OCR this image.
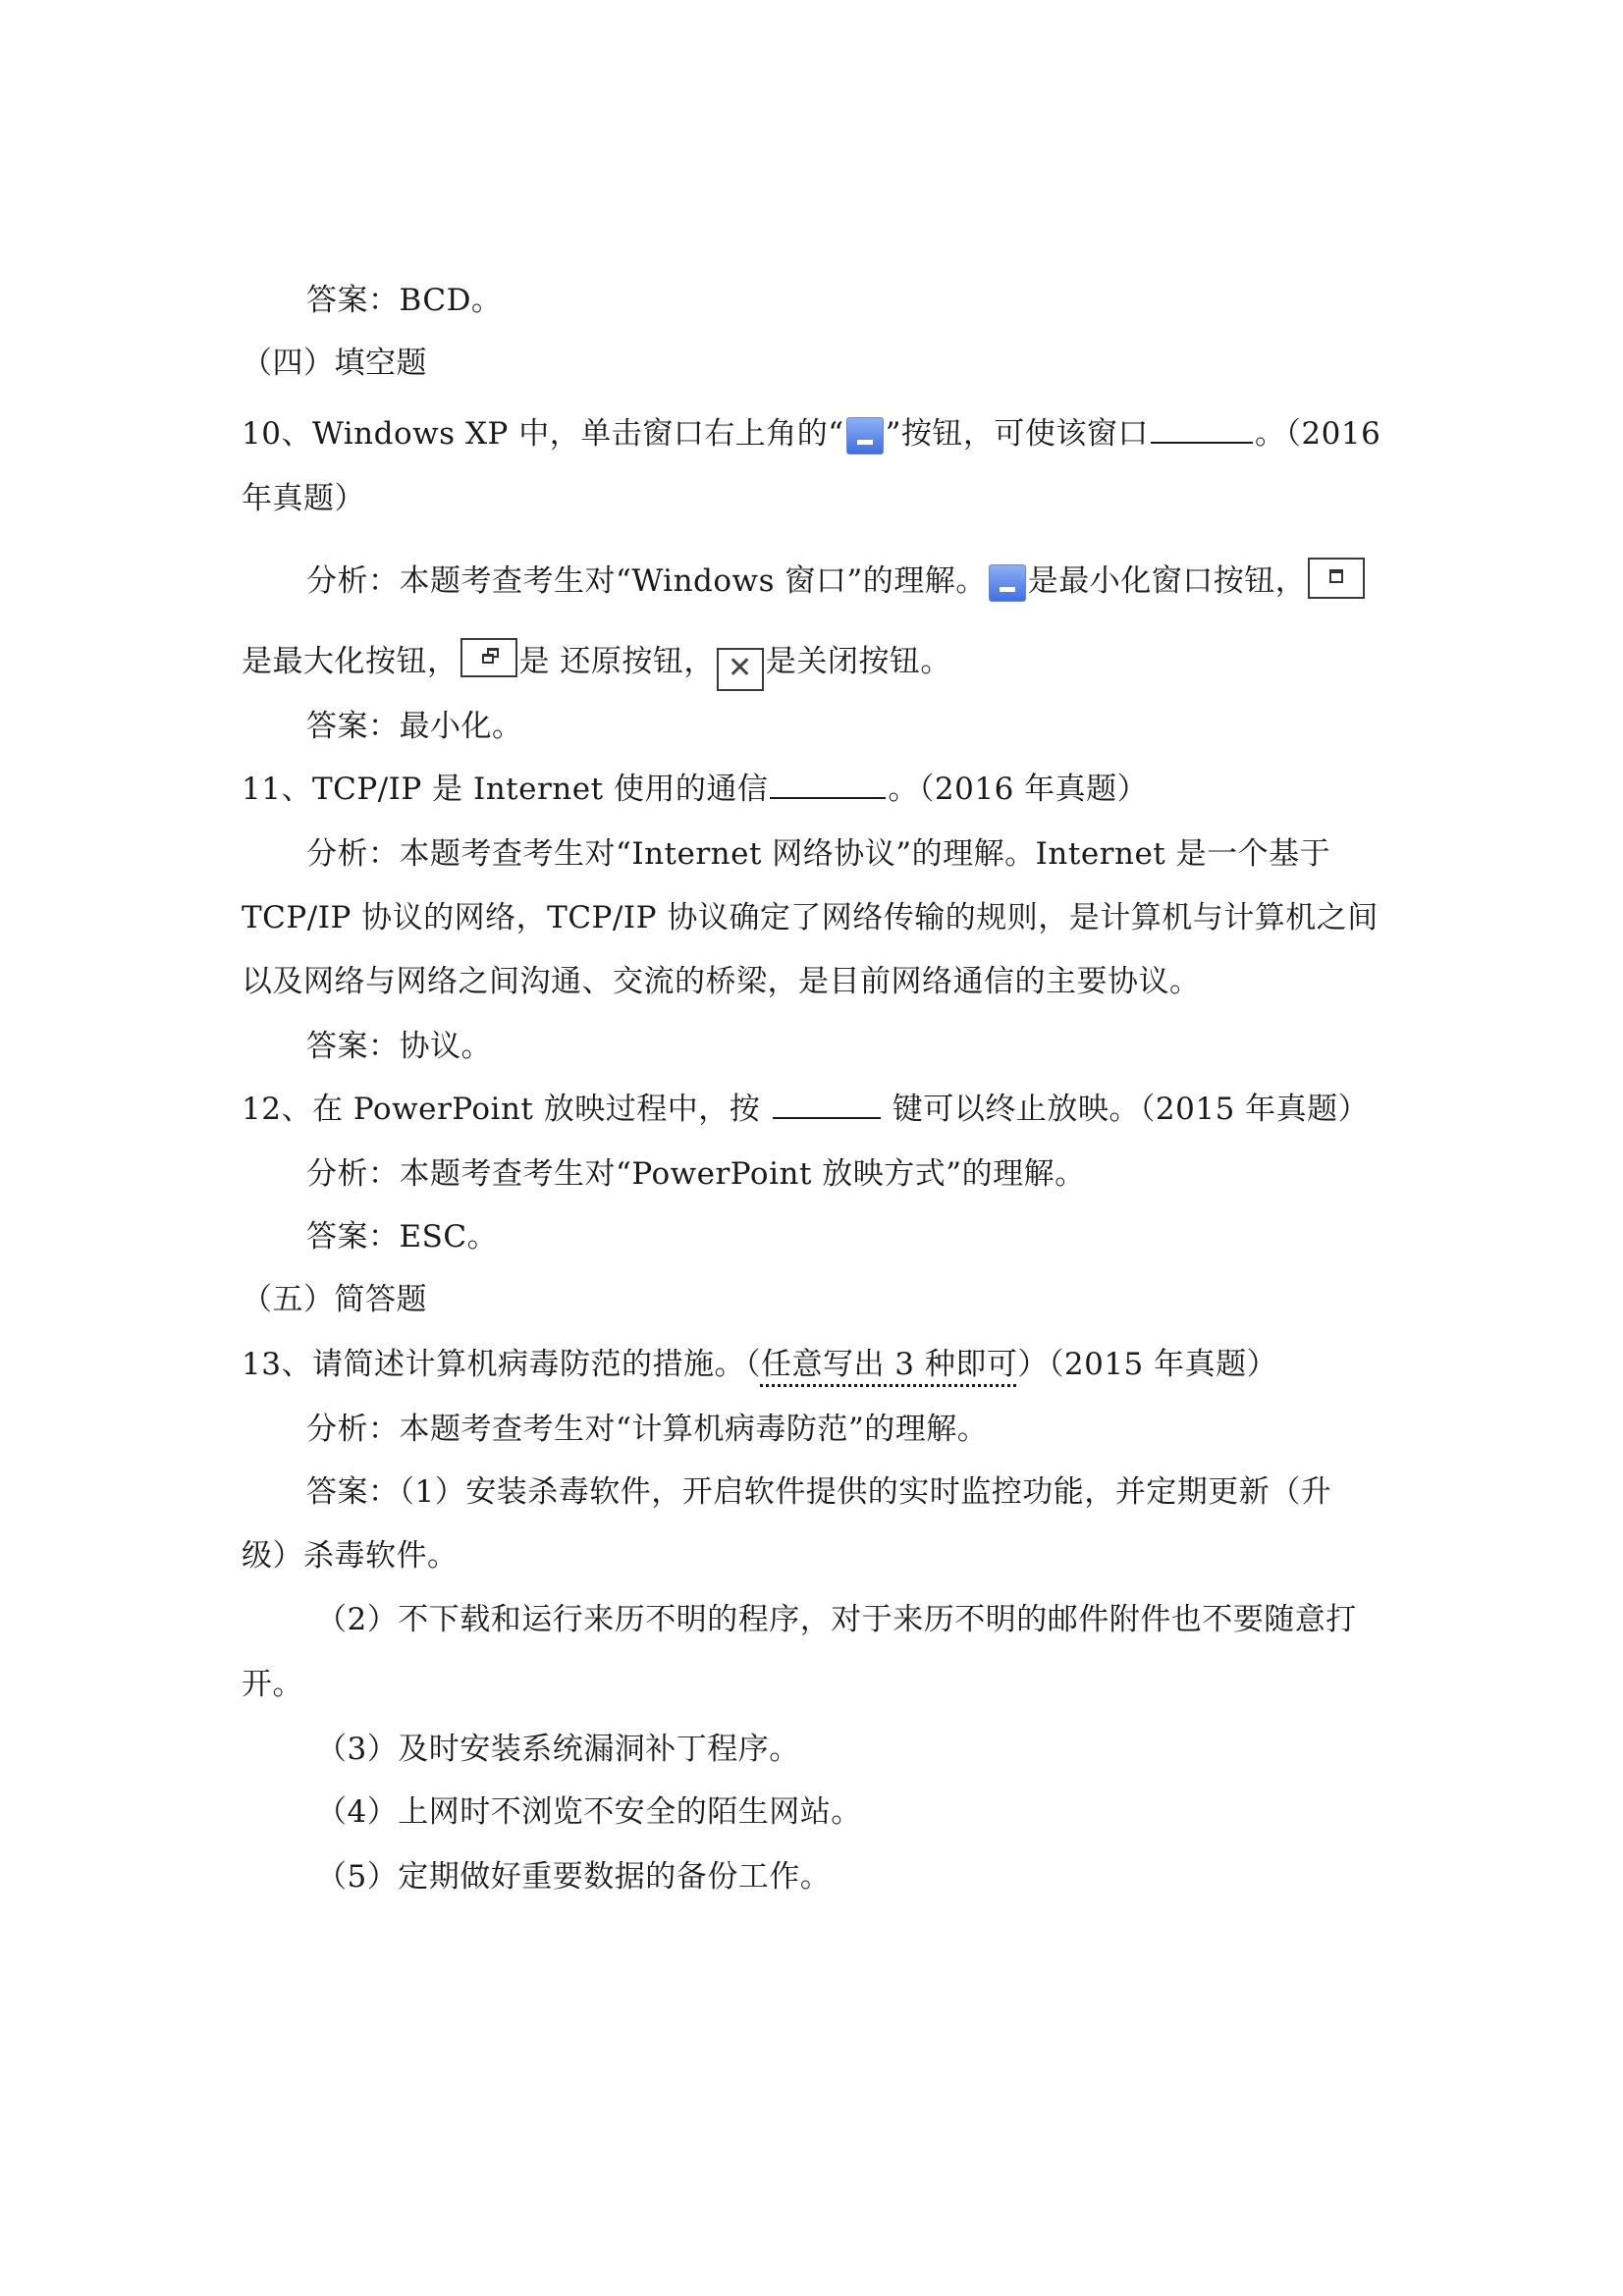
答案：BCD。
（四）填空题
10、Windows XP 中，单击窗口右上角的“ ”按钮，可使该窗口	。（2016
年真题）
分析：本题考查考生对“Windows 窗口”的理解。 是最小化窗口按钮，
是最大化按钮， 是 还原按钮， ✕ 是关闭按钮。
答案：最小化。
11、TCP/IP 是 Internet 使用的通信	。（2016 年真题）
分析：本题考查考生对“Internet 网络协议”的理解。Internet 是一个基于
TCP/IP 协议的网络，TCP/IP 协议确定了网络传输的规则，是计算机与计算机之间
以及网络与网络之间沟通、交流的桥梁，是目前网络通信的主要协议。
答案：协议。
12、在 PowerPoint 放映过程中，按	键可以终止放映。（2015 年真题）
分析：本题考查考生对“PowerPoint 放映方式”的理解。
答案：ESC。
（五）简答题
13、请简述计算机病毒防范的措施。（任意写出 3 种即可）（2015 年真题）
分析：本题考查考生对“计算机病毒防范”的理解。
答案：（1）安装杀毒软件，开启软件提供的实时监控功能，并定期更新（升
级）杀毒软件。
（2）不下载和运行来历不明的程序，对于来历不明的邮件附件也不要随意打
开。
（3）及时安装系统漏洞补丁程序。
（4）上网时不浏览不安全的陌生网站。
（5）定期做好重要数据的备份工作。
